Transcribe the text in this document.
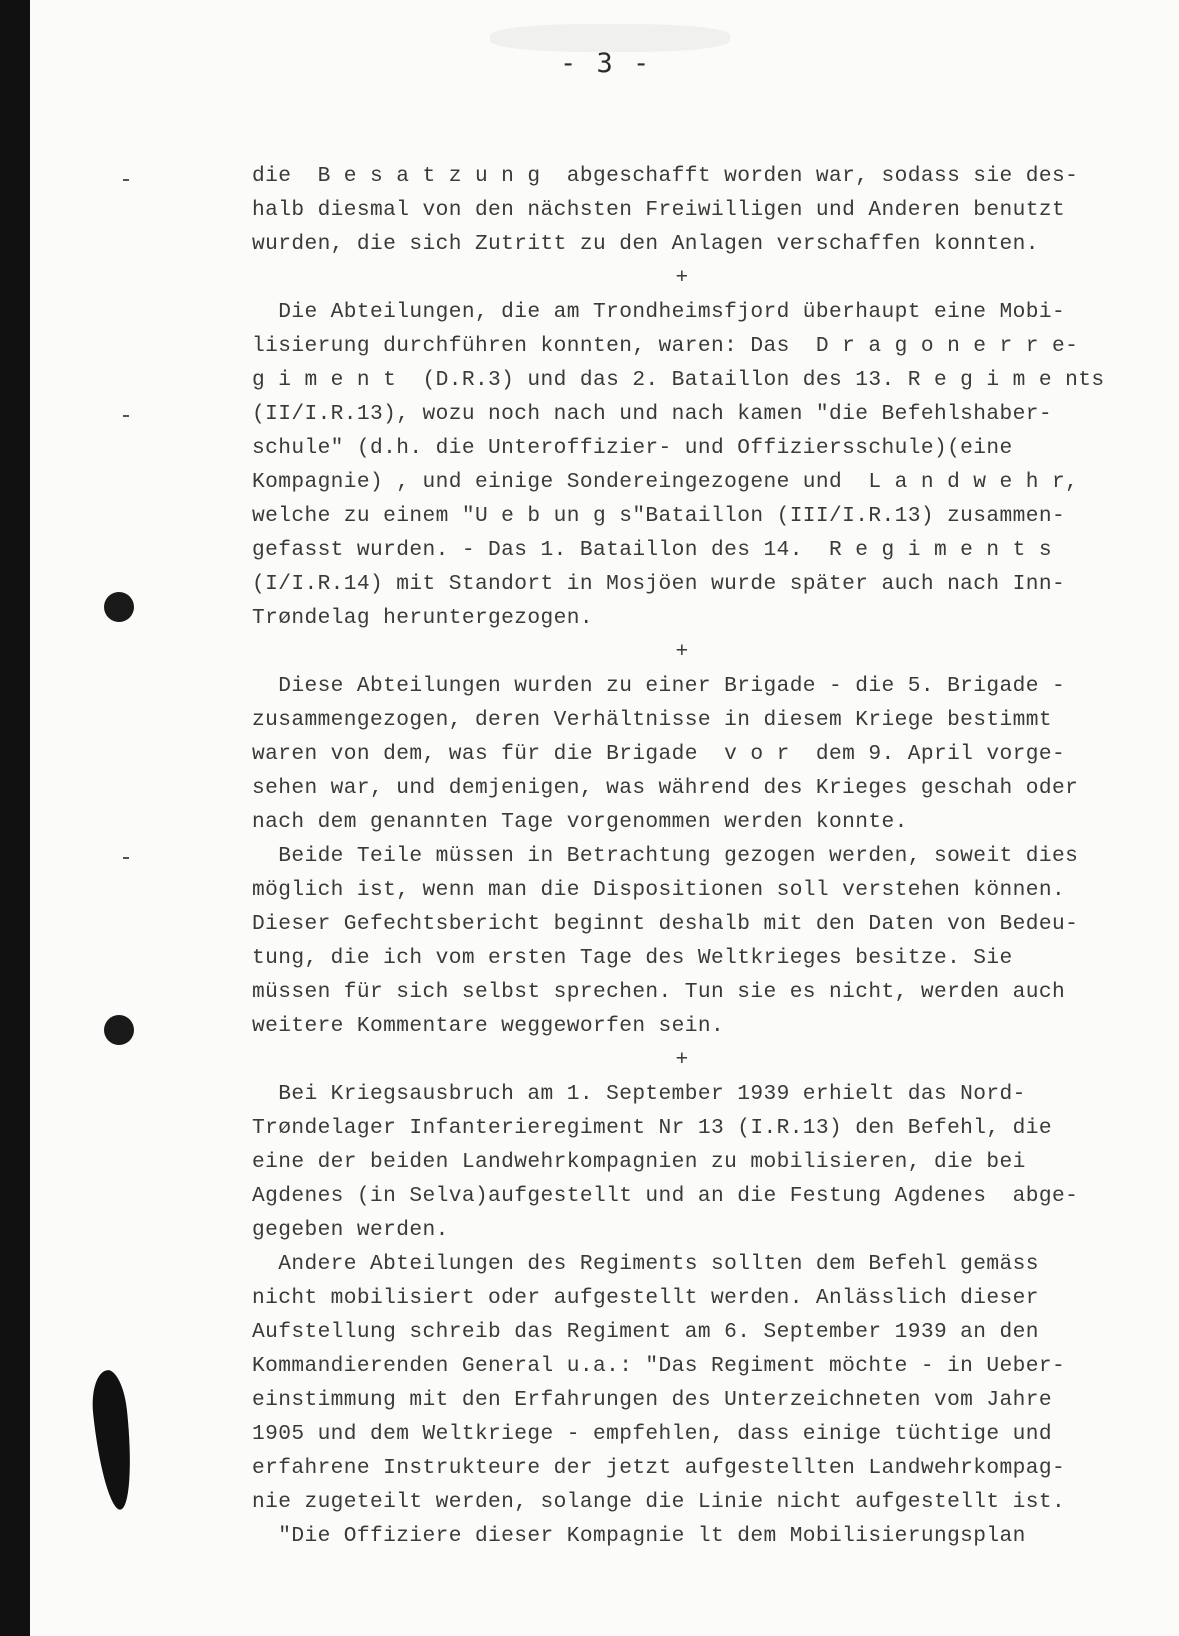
- 3 -
die  B e s a t z u n g  abgeschafft worden war, sodass sie des-
halb diesmal von den nächsten Freiwilligen und Anderen benutzt
wurden, die sich Zutritt zu den Anlagen verschaffen konnten.
+
Die Abteilungen, die am Trondheimsfjord überhaupt eine Mobi-
lisierung durchführen konnten, waren: Das  D r a g o n e r r e-
g i m e n t  (D.R.3) und das 2. Bataillon des 13. R e g i m e nts
(II/I.R.13), wozu noch nach und nach kamen "die Befehlshaber-
schule" (d.h. die Unteroffizier- und Offiziersschule)(eine
Kompagnie) , und einige Sondereingezogene und  L a n d w e h r,
welche zu einem "U e b un g s"Bataillon (III/I.R.13) zusammen-
gefasst wurden. - Das 1. Bataillon des 14.  R e g i m e n t s
(I/I.R.14) mit Standort in Mosjöen wurde später auch nach Inn-
Trøndelag heruntergezogen.
+
Diese Abteilungen wurden zu einer Brigade - die 5. Brigade -
zusammengezogen, deren Verhältnisse in diesem Kriege bestimmt
waren von dem, was für die Brigade  v o r  dem 9. April vorge-
sehen war, und demjenigen, was während des Krieges geschah oder
nach dem genannten Tage vorgenommen werden konnte.
Beide Teile müssen in Betrachtung gezogen werden, soweit dies
möglich ist, wenn man die Dispositionen soll verstehen können.
Dieser Gefechtsbericht beginnt deshalb mit den Daten von Bedeu-
tung, die ich vom ersten Tage des Weltkrieges besitze. Sie
müssen für sich selbst sprechen. Tun sie es nicht, werden auch
weitere Kommentare weggeworfen sein.
+
Bei Kriegsausbruch am 1. September 1939 erhielt das Nord-
Trøndelager Infanterieregiment Nr 13 (I.R.13) den Befehl, die
eine der beiden Landwehrkompagnien zu mobilisieren, die bei
Agdenes (in Selva)aufgestellt und an die Festung Agdenes  abge-
gegeben werden.
Andere Abteilungen des Regiments sollten dem Befehl gemäss
nicht mobilisiert oder aufgestellt werden. Anlässlich dieser
Aufstellung schreib das Regiment am 6. September 1939 an den
Kommandierenden General u.a.: "Das Regiment möchte - in Ueber-
einstimmung mit den Erfahrungen des Unterzeichneten vom Jahre
1905 und dem Weltkriege - empfehlen, dass einige tüchtige und
erfahrene Instrukteure der jetzt aufgestellten Landwehrkompag-
nie zugeteilt werden, solange die Linie nicht aufgestellt ist.
"Die Offiziere dieser Kompagnie lt dem Mobilisierungsplan
